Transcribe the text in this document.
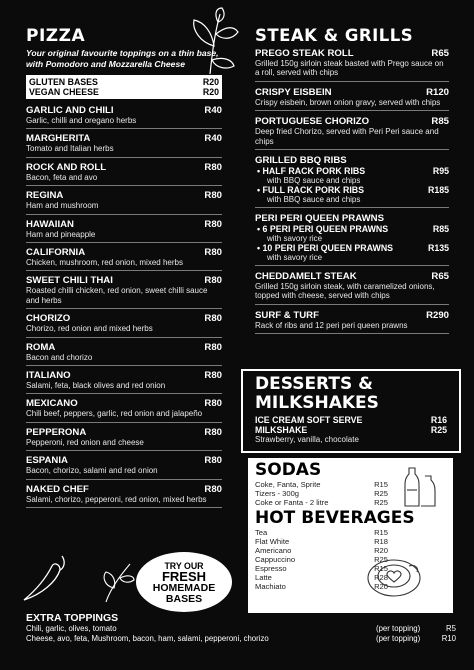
PIZZA
Your original favourite toppings on a thin base, with Pomodoro and Mozzarella Cheese
GLUTEN BASES	R20
VEGAN CHEESE	R20
GARLIC AND CHILI	R40
Garlic, chilli and oregano herbs
MARGHERITA	R40
Tomato and Italian herbs
ROCK AND ROLL	R80
Bacon, feta and avo
REGINA	R80
Ham and mushroom
HAWAIIAN	R80
Ham and pineapple
CALIFORNIA	R80
Chicken, mushroom, red onion, mixed herbs
SWEET CHILI THAI	R80
Roasted chilli chicken, red onion, sweet chilli sauce and herbs
CHORIZO	R80
Chorizo, red onion and mixed herbs
ROMA	R80
Bacon and chorizo
ITALIANO	R80
Salami, feta, black olives and red onion
MEXICANO	R80
Chili beef, peppers, garlic, red onion and jalapeño
PEPPERONA	R80
Pepperoni, red onion and cheese
ESPANIA	R80
Bacon, chorizo, salami and red onion
NAKED CHEF	R80
Salami, chorizo, pepperoni, red onion, mixed herbs
TRY OUR
FRESH
HOMEMADE
BASES
STEAK & GRILLS
PREGO STEAK ROLL	R65
Grilled 150g sirloin steak basted with Prego sauce on a roll, served with chips
CRISPY EISBEIN	R120
Crispy eisbein, brown onion gravy, served with chips
PORTUGUESE CHORIZO	R85
Deep fried Chorizo, served with Peri Peri sauce and chips
GRILLED BBQ RIBS
• HALF RACK PORK RIBS	R95
with BBQ sauce and chips
• FULL RACK PORK RIBS	R185
with BBQ sauce and chips
PERI PERI QUEEN PRAWNS
• 6 PERI PERI QUEEN PRAWNS	R85
with savory rice
• 10 PERI PERI QUEEN PRAWNS	R135
with savory rice
CHEDDAMELT STEAK	R65
Grilled 150g sirloin steak, with caramelized onions, topped with cheese, served with chips
SURF & TURF	R290
Rack of ribs and 12 peri peri queen prawns
DESSERTS &
MILKSHAKES
ICE CREAM SOFT SERVE	R16
MILKSHAKE	R25
Strawberry, vanilla, chocolate
SODAS
Coke, Fanta, Sprite	R15
Tizers - 300g	R25
Coke or Fanta - 2 litre	R25
HOT BEVERAGES
Tea	R15
Flat White	R18
Americano	R20
Cappuccino	R25
Espresso	R15
Latte	R28
Machiato	R20
EXTRA TOPPINGS
Chili, garlic, olives, tomato	(per topping)	R5
Cheese, avo, feta, Mushroom, bacon, ham, salami, pepperoni, chorizo	(per topping)	R10
